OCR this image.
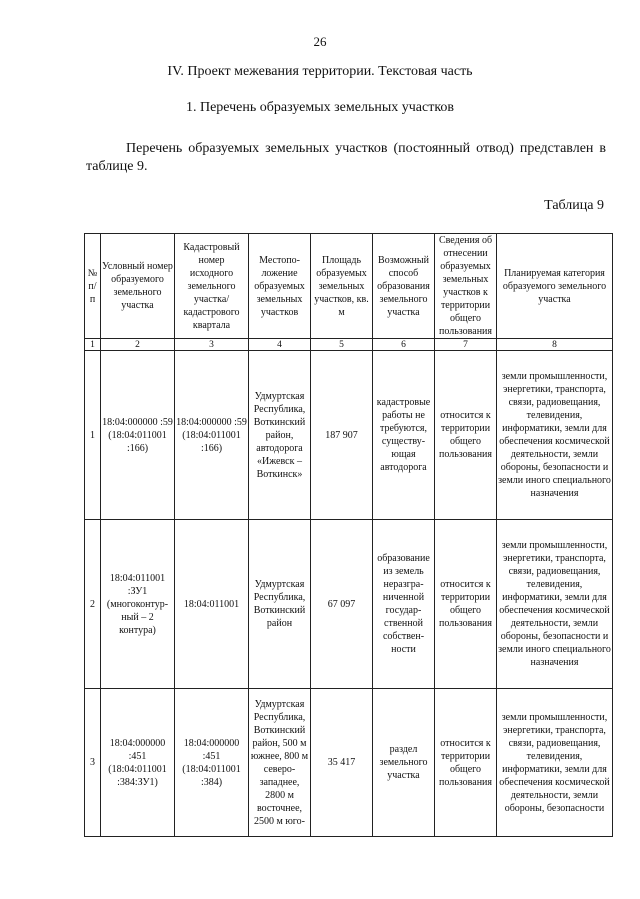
26
IV. Проект межевания территории. Текстовая часть
1. Перечень образуемых земельных участков
Перечень образуемых земельных участков (постоянный отвод) представлен в таблице 9.
Таблица 9
№ п/п	Условный номер образуемого земельного участка	Кадастровый номер исходного земельного участка/ кадастрового квартала	Местопо-ложение образуемых земельных участков	Площадь образуемых земельных участков, кв. м	Возможный способ образования земельного участка	Сведения об отнесении образуемых земельных участков к территории общего пользования	Планируемая категория образуемого земельного участка
1	2	3	4	5	6	7	8
1	18:04:000000 :59 (18:04:011001 :166)	18:04:000000 :59 (18:04:011001 :166)	Удмуртская Республика, Воткинский район, автодорога «Ижевск – Воткинск»	187 907	кадастровые работы не требуются, существу-ющая автодорога	относится к территории общего пользования	земли промышленности, энергетики, транспорта, связи, радиовещания, телевидения, информатики, земли для обеспечения космической деятельности, земли обороны, безопасности и земли иного специального назначения
2	18:04:011001 :ЗУ1 (многоконтур-ный – 2 контура)	18:04:011001	Удмуртская Республика, Воткинский район	67 097	образование из земель неразгра-ниченной государ-ственной собствен-ности	относится к территории общего пользования	земли промышленности, энергетики, транспорта, связи, радиовещания, телевидения, информатики, земли для обеспечения космической деятельности, земли обороны, безопасности и земли иного специального назначения
3	18:04:000000 :451 (18:04:011001 :384:ЗУ1)	18:04:000000 :451 (18:04:011001 :384)	Удмуртская Республика, Воткинский район, 500 м южнее, 800 м северо-западнее, 2800 м восточнее, 2500 м юго-	35 417	раздел земельного участка	относится к территории общего пользования	земли промышленности, энергетики, транспорта, связи, радиовещания, телевидения, информатики, земли для обеспечения космической деятельности, земли обороны, безопасности
